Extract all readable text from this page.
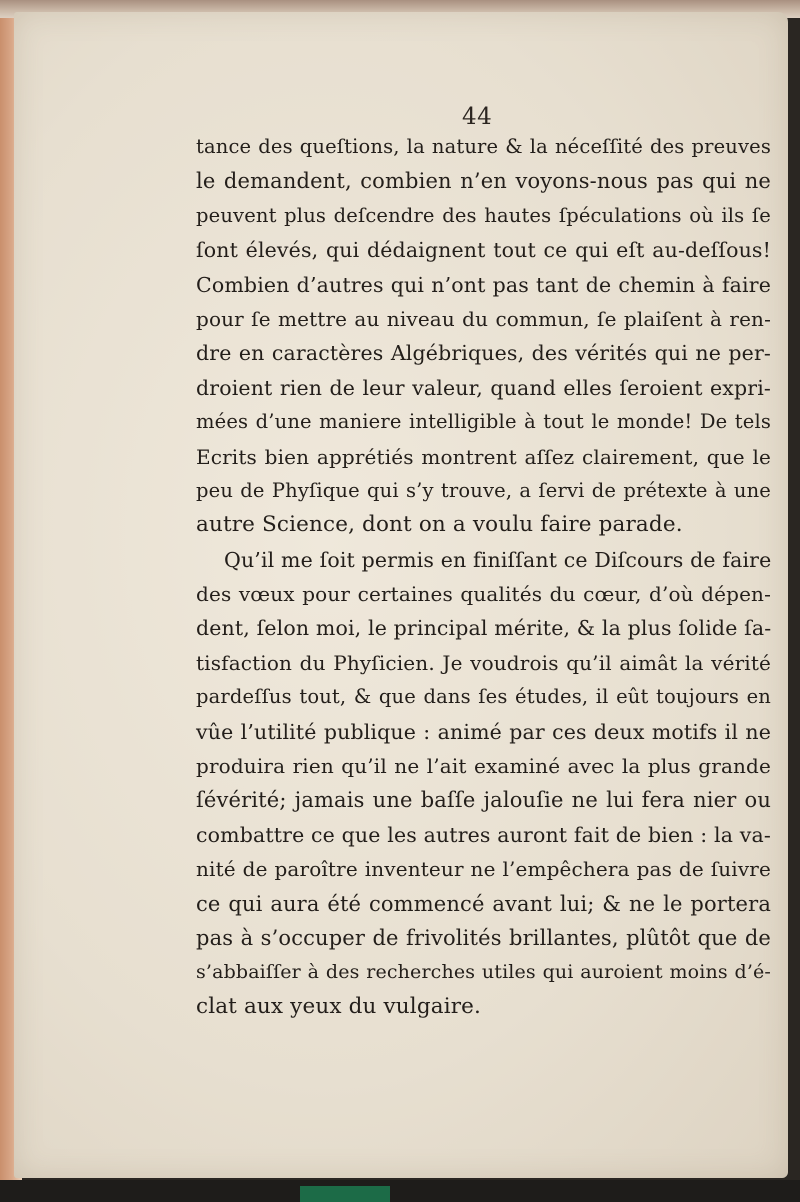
44
tance des queſtions, la nature & la néceſſité des preuves
le demandent, combien n’en voyons-nous pas qui ne
peuvent plus deſcendre des hautes ſpéculations où ils ſe
ſont élevés, qui dédaignent tout ce qui eſt au-deſſous!
Combien d’autres qui n’ont pas tant de chemin à faire
pour ſe mettre au niveau du commun, ſe plaiſent à ren-
dre en caractères Algébriques, des vérités qui ne per-
droient rien de leur valeur, quand elles ſeroient expri-
mées d’une maniere intelligible à tout le monde! De tels
Ecrits bien apprétiés montrent aſſez clairement, que le
peu de Phyſique qui s’y trouve, a ſervi de prétexte à une
autre Science, dont on a voulu faire parade.
Qu’il me ſoit permis en finiſſant ce Diſcours de faire
des vœux pour certaines qualités du cœur, d’où dépen-
dent, ſelon moi, le principal mérite, & la plus ſolide ſa-
tisfaction du Phyſicien. Je voudrois qu’il aimât la vérité
pardeſſus tout, & que dans ſes études, il eût toujours en
vûe l’utilité publique : animé par ces deux motifs il ne
produira rien qu’il ne l’ait examiné avec la plus grande
ſévérité; jamais une baſſe jalouſie ne lui fera nier ou
combattre ce que les autres auront fait de bien : la va-
nité de paroître inventeur ne l’empêchera pas de ſuivre
ce qui aura été commencé avant lui; & ne le portera
pas à s’occuper de frivolités brillantes, plûtôt que de
s’abbaiſſer à des recherches utiles qui auroient moins d’é-
clat aux yeux du vulgaire.
